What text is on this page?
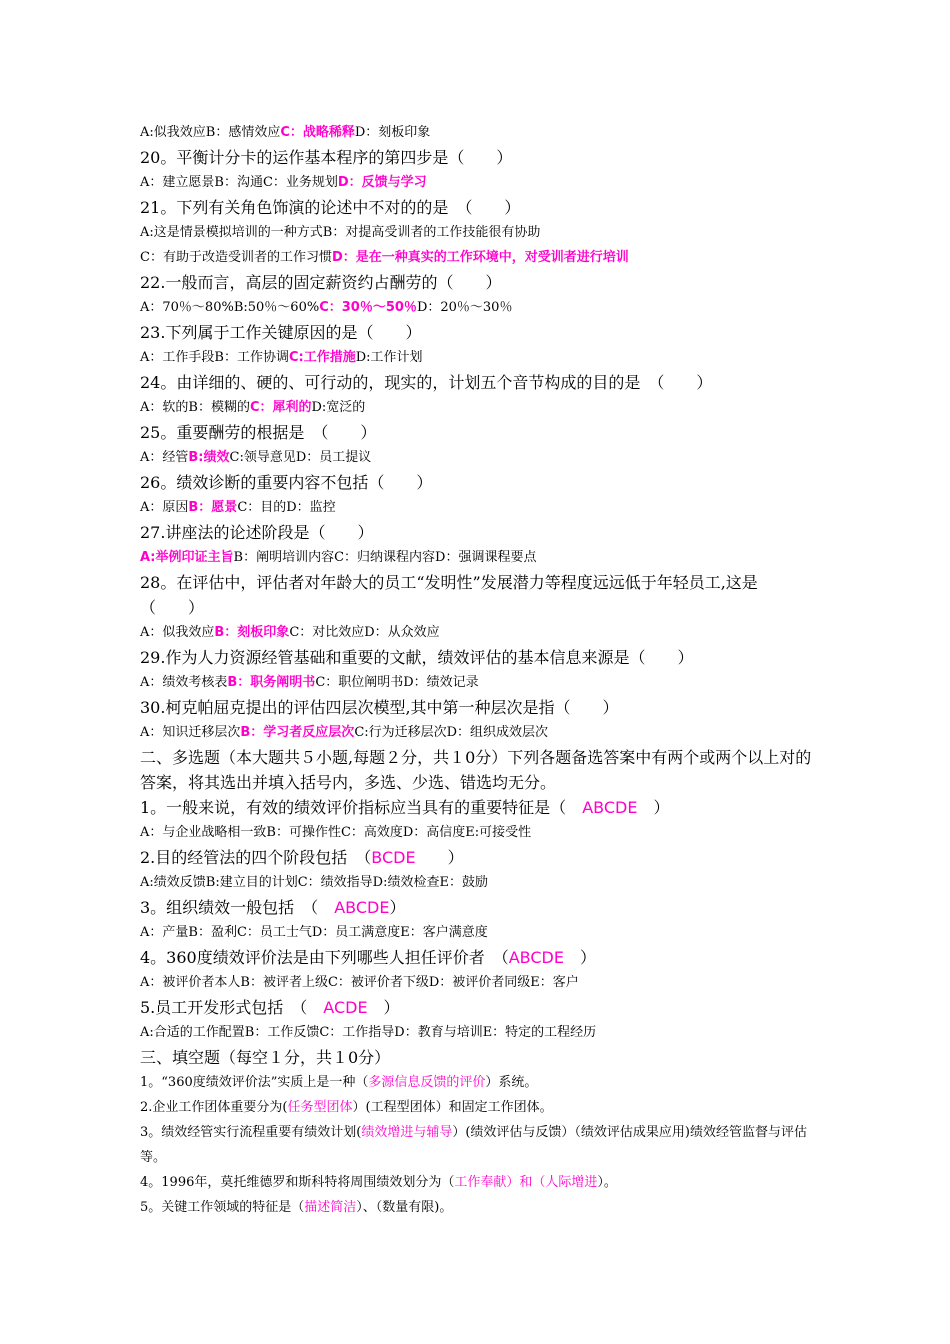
A:似我效应B：感情效应C：战略稀释D：刻板印象
20。平衡计分卡的运作基本程序的第四步是（　　）
A：建立愿景B：沟通C：业务规划D：反馈与学习
21。下列有关角色饰演的论述中不对的的是　（　　）
A:这是情景模拟培训的一种方式B：对提高受训者的工作技能很有协助
C：有助于改造受训者的工作习惯D：是在一种真实的工作环境中，对受训者进行培训
22.一般而言，高层的固定薪资约占酬劳的（　　）
A：70％～80%B:50％～60%C：30％～50％D：20％～30％
23.下列属于工作关键原因的是（　　）
A：工作手段B：工作协调C:工作措施D:工作计划
24。由详细的、硬的、可行动的，现实的，计划五个音节构成的目的是　（　　）
A：软的B：模糊的C：犀利的D:宽泛的
25。重要酬劳的根据是　（　　）
A：经管B:绩效C:领导意见D：员工提议
26。绩效诊断的重要内容不包括（　　）
A：原因B：愿景C：目的D：监控
27.讲座法的论述阶段是（　　）
A:举例印证主旨B：阐明培训内容C：归纳课程内容D：强调课程要点
28。在评估中，评估者对年龄大的员工“发明性”发展潜力等程度远远低于年轻员工,这是　（　　）
A：似我效应B：刻板印象C：对比效应D：从众效应
29.作为人力资源经管基础和重要的文献，绩效评估的基本信息来源是（　　）
A：绩效考核表B：职务阐明书C：职位阐明书D：绩效记录
30.柯克帕屈克提出的评估四层次模型,其中第一种层次是指（　　）
A：知识迁移层次B：学习者反应层次C:行为迁移层次D：组织成效层次
二、多选题（本大题共５小题,每题２分，共１0分）下列各题备选答案中有两个或两个以上对的答案，将其选出并填入括号内，多选、少选、错选均无分。
1。一般来说，有效的绩效评价指标应当具有的重要特征是（　ABCDE　）
A：与企业战略相一致B：可操作性C：高效度D：高信度E:可接受性
2.目的经管法的四个阶段包括　（BCDE　　）
A:绩效反馈B:建立目的计划C：绩效指导D:绩效检查E：鼓励
3。组织绩效一般包括　（　ABCDE）
A：产量B：盈利C：员工士气D：员工满意度E：客户满意度
4。360度绩效评价法是由下列哪些人担任评价者　（ABCDE　）
A：被评价者本人B：被评者上级C：被评价者下级D：被评价者同级E：客户
5.员工开发形式包括　（　ACDE　）
A:合适的工作配置B：工作反馈C：工作指导D：教育与培训E：特定的工程经历
三、填空题（每空１分，共１0分）
1。“360度绩效评价法”实质上是一种（多源信息反馈的评价）系统。
2.企业工作团体重要分为(任务型团体）(工程型团体）和固定工作团体。
3。绩效经管实行流程重要有绩效计划(绩效增进与辅导）(绩效评估与反馈）（绩效评估成果应用)绩效经管监督与评估等。
4。1996年，莫托维德罗和斯科特将周围绩效划分为（工作奉献）和（人际增进）。
5。关键工作领域的特征是（描述简洁）、（数量有限)。
